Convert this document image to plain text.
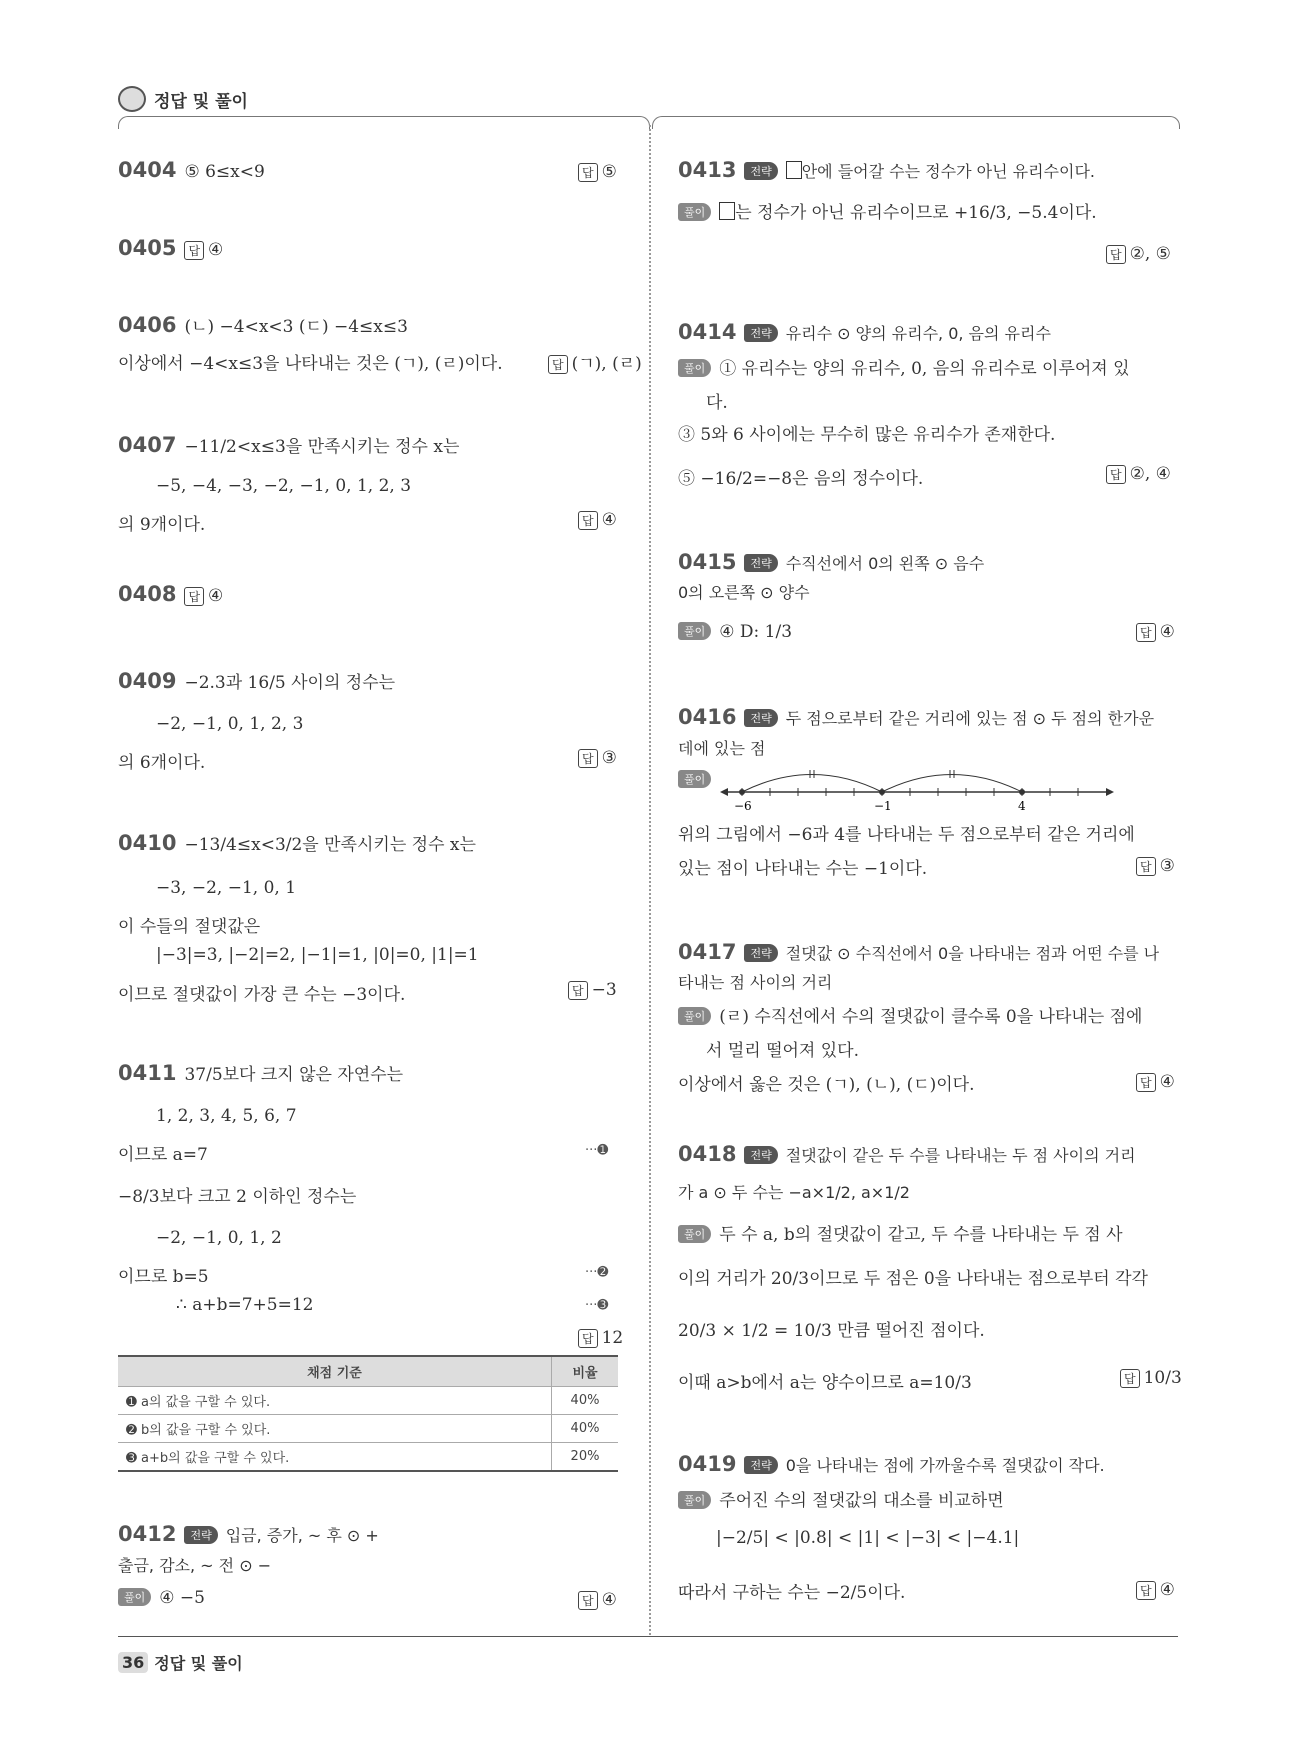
정답 및 풀이
0404 ⑤ 6≤x<9	답 ⑤
0405 답 ④
0406 (ㄴ) −4<x<3 (ㄷ) −4≤x≤3
이상에서 −4<x≤3을 나타내는 것은 (ㄱ), (ㄹ)이다.	답 (ㄱ), (ㄹ)
0407 −11/2<x≤3을 만족시키는 정수 x는
−5, −4, −3, −2, −1, 0, 1, 2, 3
의 9개이다.	답 ④
0408 답 ④
0409 −2.3과 16/5 사이의 정수는
−2, −1, 0, 1, 2, 3
의 6개이다.	답 ③
0410 −13/4≤x<3/2을 만족시키는 정수 x는
−3, −2, −1, 0, 1
이 수들의 절댓값은
|−3|=3, |−2|=2, |−1|=1, |0|=0, |1|=1
이므로 절댓값이 가장 큰 수는 −3이다.	답 −3
0411 37/5보다 크지 않은 자연수는
1, 2, 3, 4, 5, 6, 7
이므로 a=7	···➊
−8/3보다 크고 2 이하인 정수는
−2, −1, 0, 1, 2
이므로 b=5	···➋
∴ a+b=7+5=12	···➌
답 12
채점 기준	비율
➊ a의 값을 구할 수 있다.	40%
➋ b의 값을 구할 수 있다.	40%
➌ a+b의 값을 구할 수 있다.	20%
0412 전략 입금, 증가, ~ 후 ⊙ +
출금, 감소, ~ 전 ⊙ −
풀이 ④ −5	답 ④
0413 전략 안에 들어갈 수는 정수가 아닌 유리수이다.
풀이 는 정수가 아닌 유리수이므로 +16/3, −5.4이다.
답 ②, ⑤
0414 전략 유리수 ⊙ 양의 유리수, 0, 음의 유리수
풀이 ① 유리수는 양의 유리수, 0, 음의 유리수로 이루어져 있
다.
③ 5와 6 사이에는 무수히 많은 유리수가 존재한다.
⑤ −16/2=−8은 음의 정수이다.	답 ②, ④
0415 전략 수직선에서 0의 왼쪽 ⊙ 음수
0의 오른쪽 ⊙ 양수
풀이 ④ D: 1/3	답 ④
0416 전략 두 점으로부터 같은 거리에 있는 점 ⊙ 두 점의 한가운
데에 있는 점
풀이
−6	−1	4
위의 그림에서 −6과 4를 나타내는 두 점으로부터 같은 거리에
있는 점이 나타내는 수는 −1이다.	답 ③
0417 전략 절댓값 ⊙ 수직선에서 0을 나타내는 점과 어떤 수를 나
타내는 점 사이의 거리
풀이 (ㄹ) 수직선에서 수의 절댓값이 클수록 0을 나타내는 점에
서 멀리 떨어져 있다.
이상에서 옳은 것은 (ㄱ), (ㄴ), (ㄷ)이다.	답 ④
0418 전략 절댓값이 같은 두 수를 나타내는 두 점 사이의 거리
가 a ⊙ 두 수는 −a×1/2, a×1/2
풀이 두 수 a, b의 절댓값이 같고, 두 수를 나타내는 두 점 사
이의 거리가 20/3이므로 두 점은 0을 나타내는 점으로부터 각각
20/3 × 1/2 = 10/3 만큼 떨어진 점이다.
이때 a>b에서 a는 양수이므로 a=10/3	답 10/3
0419 전략 0을 나타내는 점에 가까울수록 절댓값이 작다.
풀이 주어진 수의 절댓값의 대소를 비교하면
|−2/5| < |0.8| < |1| < |−3| < |−4.1|
따라서 구하는 수는 −2/5이다.	답 ④
36 정답 및 풀이
